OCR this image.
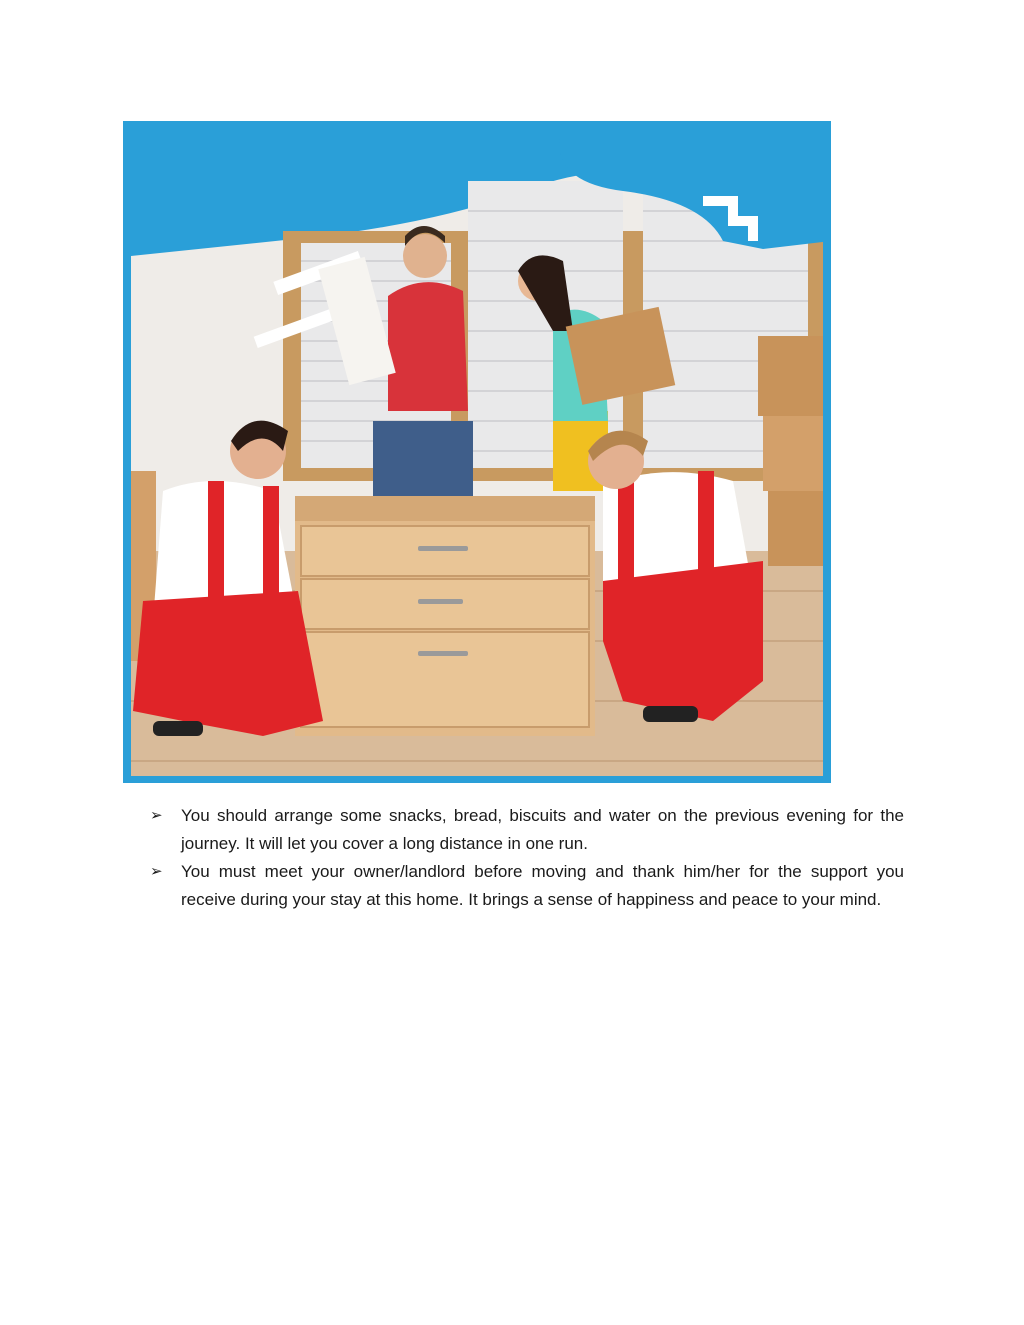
➢ You should arrange some snacks, bread, biscuits and water on the previous evening for the journey. It will let you cover a long distance in one run.
➢ You must meet your owner/landlord before moving and thank him/her for the support you receive during your stay at this home. It brings a sense of happiness and peace to your mind.
